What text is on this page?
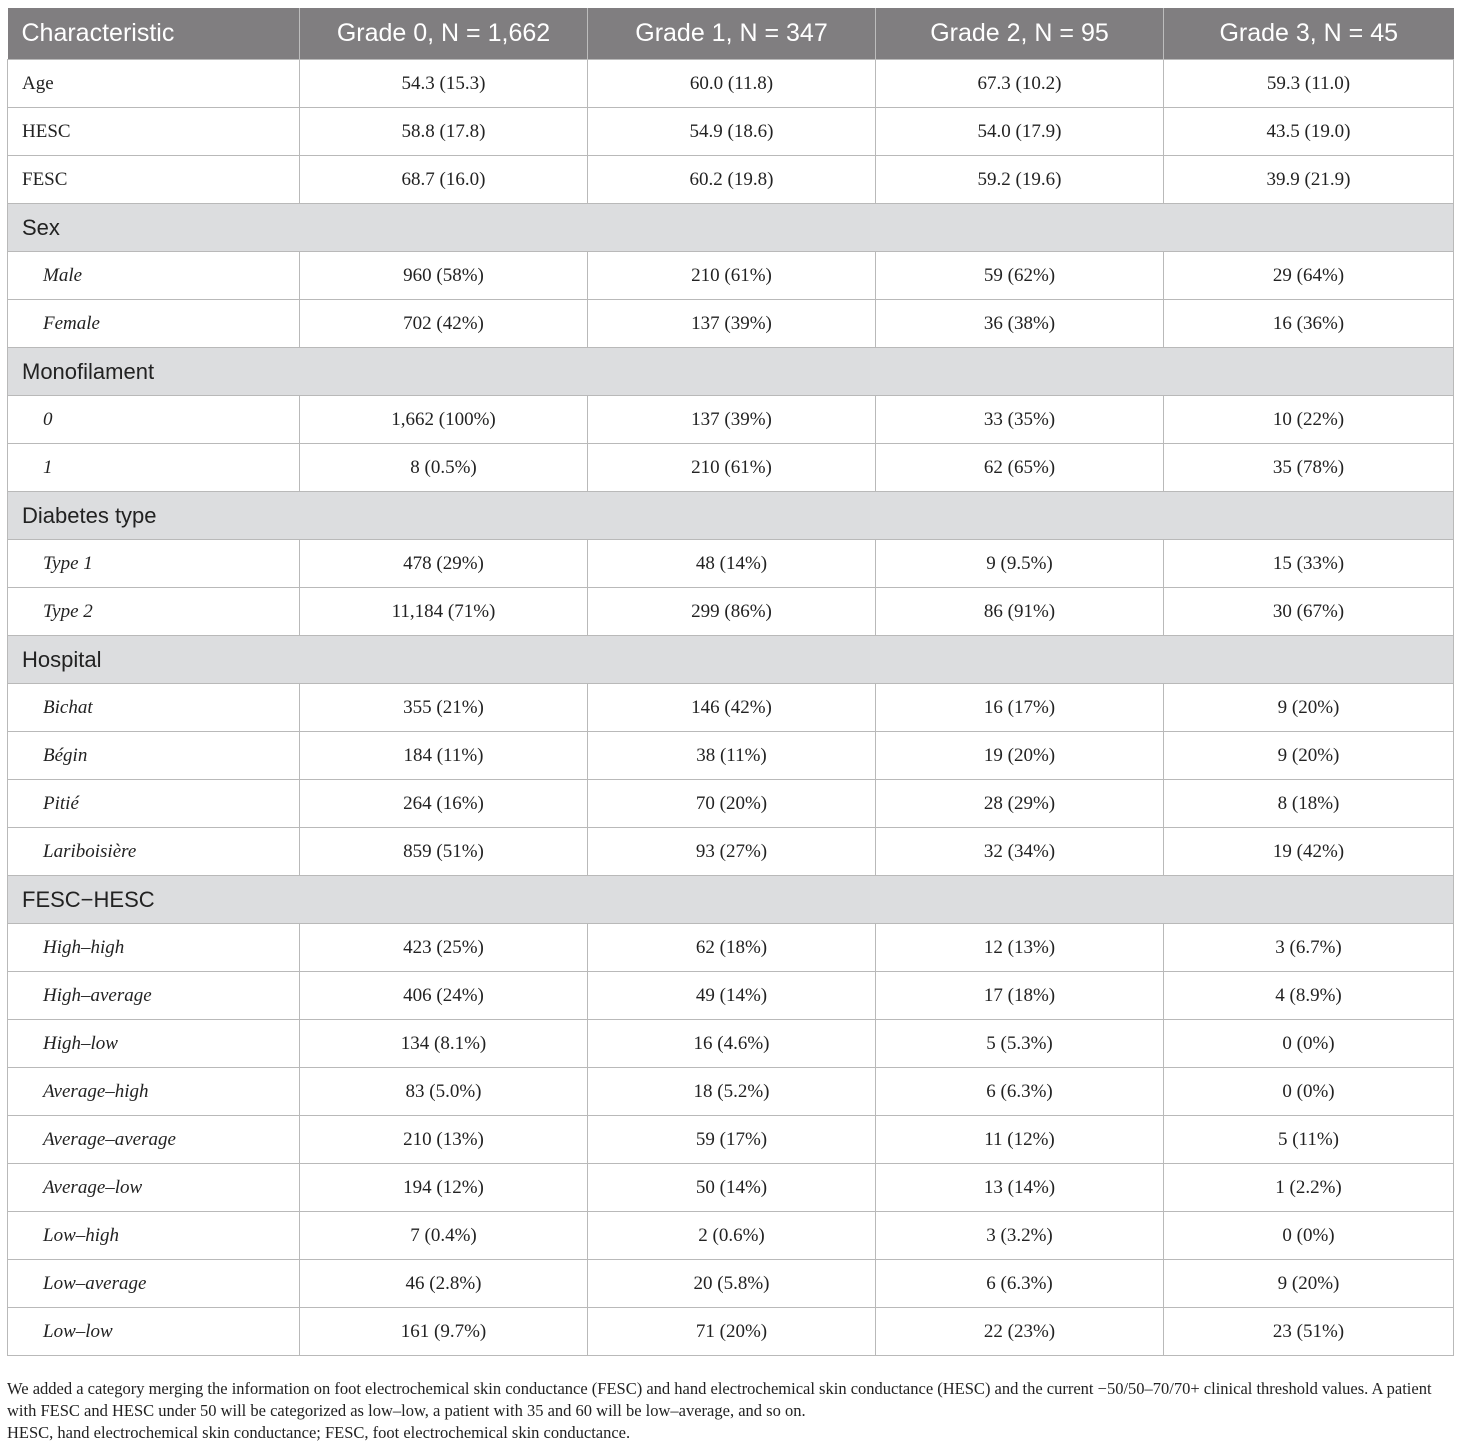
Characteristic	Grade 0, N = 1,662	Grade 1, N = 347	Grade 2, N = 95	Grade 3, N = 45
Age	54.3 (15.3)	60.0 (11.8)	67.3 (10.2)	59.3 (11.0)
HESC	58.8 (17.8)	54.9 (18.6)	54.0 (17.9)	43.5 (19.0)
FESC	68.7 (16.0)	60.2 (19.8)	59.2 (19.6)	39.9 (21.9)
Sex				
Male	960 (58%)	210 (61%)	59 (62%)	29 (64%)
Female	702 (42%)	137 (39%)	36 (38%)	16 (36%)
Monofilament				
0	1,662 (100%)	137 (39%)	33 (35%)	10 (22%)
1	8 (0.5%)	210 (61%)	62 (65%)	35 (78%)
Diabetes type				
Type 1	478 (29%)	48 (14%)	9 (9.5%)	15 (33%)
Type 2	11,184 (71%)	299 (86%)	86 (91%)	30 (67%)
Hospital				
Bichat	355 (21%)	146 (42%)	16 (17%)	9 (20%)
Bégin	184 (11%)	38 (11%)	19 (20%)	9 (20%)
Pitié	264 (16%)	70 (20%)	28 (29%)	8 (18%)
Lariboisière	859 (51%)	93 (27%)	32 (34%)	19 (42%)
FESC−HESC				
High–high	423 (25%)	62 (18%)	12 (13%)	3 (6.7%)
High–average	406 (24%)	49 (14%)	17 (18%)	4 (8.9%)
High–low	134 (8.1%)	16 (4.6%)	5 (5.3%)	0 (0%)
Average–high	83 (5.0%)	18 (5.2%)	6 (6.3%)	0 (0%)
Average–average	210 (13%)	59 (17%)	11 (12%)	5 (11%)
Average–low	194 (12%)	50 (14%)	13 (14%)	1 (2.2%)
Low–high	7 (0.4%)	2 (0.6%)	3 (3.2%)	0 (0%)
Low–average	46 (2.8%)	20 (5.8%)	6 (6.3%)	9 (20%)
Low–low	161 (9.7%)	71 (20%)	22 (23%)	23 (51%)

We added a category merging the information on foot electrochemical skin conductance (FESC) and hand electrochemical skin conductance (HESC) and the current −50/50–70/70+ clinical threshold values. A patient with FESC and HESC under 50 will be categorized as low–low, a patient with 35 and 60 will be low–average, and so on.

HESC, hand electrochemical skin conductance; FESC, foot electrochemical skin conductance.
